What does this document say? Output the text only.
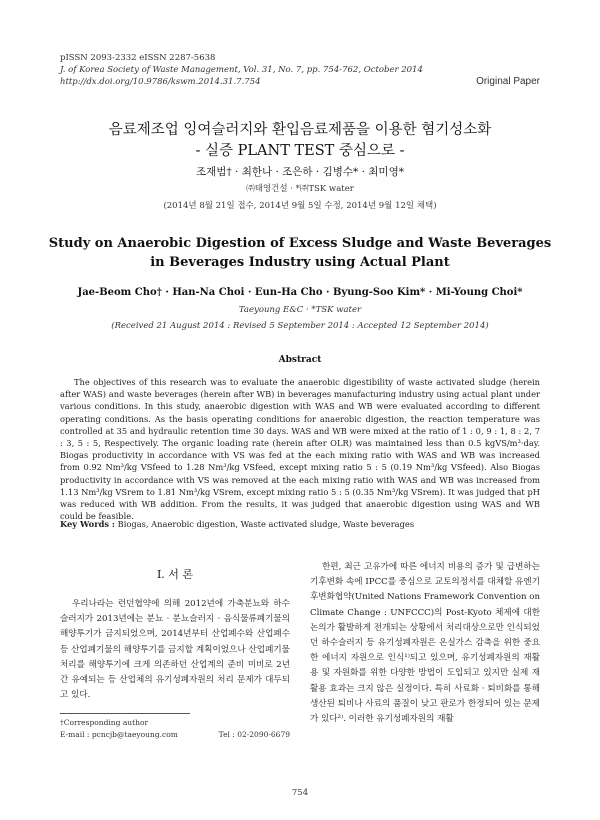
pISSN 2093-2332 eISSN 2287-5638
J. of Korea Society of Waste Management, Vol. 31, No. 7, pp. 754-762, October 2014
http://dx.doi.org/10.9786/kswm.2014.31.7.754	Original Paper
음료제조업 잉여슬러지와 환입음료제품을 이용한 혐기성소화
- 실증 PLANT TEST 중심으로 -
조재범† · 최한나 · 조은하 · 김병수* · 최미영*
㈜태영건설 · *㈜TSK water
(2014년 8월 21일 접수, 2014년 9월 5일 수정, 2014년 9월 12일 채택)
Study on Anaerobic Digestion of Excess Sludge and Waste Beverages
in Beverages Industry using Actual Plant
Jae-Beom Cho† · Han-Na Choi · Eun-Ha Cho · Byung-Soo Kim* · Mi-Young Choi*
Taeyoung E&C · *TSK water
(Received 21 August 2014 : Revised 5 September 2014 : Accepted 12 September 2014)
Abstract
The objectives of this research was to evaluate the anaerobic digestibility of waste activated sludge (herein after WAS) and waste beverages (herein after WB) in beverages manufacturing industry using actual plant under various conditions. In this study, anaerobic digestion with WAS and WB were evaluated according to different operating conditions. As the basis operating conditions for anaerobic digestion, the reaction temperature was controlled at 35 and hydraulic retention time 30 days. WAS and WB were mixed at the ratio of 1 : 0, 9 : 1, 8 : 2, 7 : 3, 5 : 5, Respectively. The organic loading rate (herein after OLR) was maintained less than 0.5 kgVS/m³·day. Biogas productivity in accordance with VS was fed at the each mixing ratio with WAS and WB was increased from 0.92 Nm³/kg VSfeed to 1.28 Nm³/kg VSfeed, except mixing ratio 5 : 5 (0.19 Nm³/kg VSfeed). Also Biogas productivity in accordance with VS was removed at the each mixing ratio with WAS and WB was increased from 1.13 Nm³/kg VSrem to 1.81 Nm³/kg VSrem, except mixing ratio 5 : 5 (0.35 Nm³/kg VSrem). It was judged that pH was reduced with WB addition. From the results, it was judged that anaerobic digestion using WAS and WB could be feasible.
Key Words : Biogas, Anaerobic digestion, Waste activated sludge, Waste beverages
I. 서 론
우리나라는 런던협약에 의해 2012년에 가축분뇨와 하수슬러지가 2013년에는 분뇨 · 분뇨슬러지 · 음식물류폐기물의 해양투기가 금지되었으며, 2014년부터 산업폐수와 산업폐수 등 산업폐기물의 해양투기를 금지할 계획이었으나 산업폐기물 처리를 해양투기에 크게 의존하던 산업계의 준비 미비로 2년간 유예되는 등 산업체의 유기성폐자원의 처리 문제가 대두되고 있다.
한편, 최근 고유가에 따른 에너지 비용의 증가 및 급변하는 기후변화 속에 IPCC를 중심으로 교토의정서를 대체할 유엔기후변화협약(United Nations Framework Convention on Climate Change : UNFCCC)의 Post-Kyoto 체제에 대한 논의가 활발하게 전개되는 상황에서 처리대상으로만 인식되었던 하수슬러지 등 유기성폐자원은 온실가스 감축을 위한 중요한 에너지 자원으로 인식¹⁾되고 있으며, 유기성폐자원의 재활용 및 자원화를 위한 다양한 방법이 도입되고 있지만 실제 재활용 효과는 크지 않은 실정이다. 특히 사료화 · 퇴비화를 통해 생산된 퇴비나 사료의 품질이 낮고 판로가 한정되어 있는 문제가 있다²⁾. 이러한 유기성폐자원의 재활
†Corresponding author
E-mail : pcncjb@taeyoung.com	Tel : 02-2090-6679
754
